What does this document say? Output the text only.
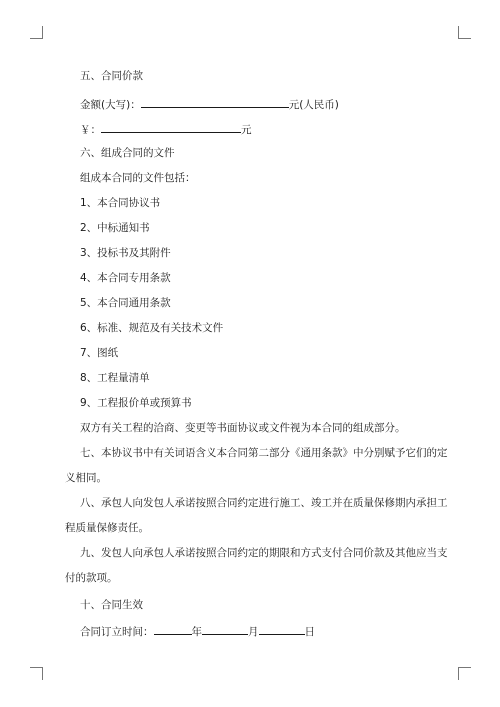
五、合同价款
金额(大写)：	元(人民币)
￥：	元
六、组成合同的文件
组成本合同的文件包括：
1、本合同协议书
2、中标通知书
3、投标书及其附件
4、本合同专用条款
5、本合同通用条款
6、标准、规范及有关技术文件
7、图纸
8、工程量清单
9、工程报价单或预算书
双方有关工程的洽商、变更等书面协议或文件视为本合同的组成部分。
七、本协议书中有关词语含义本合同第二部分《通用条款》中分别赋予它们的定
义相同。
八、承包人向发包人承诺按照合同约定进行施工、竣工并在质量保修期内承担工
程质量保修责任。
九、发包人向承包人承诺按照合同约定的期限和方式支付合同价款及其他应当支
付的款项。
十、合同生效
合同订立时间：	年	月	日
